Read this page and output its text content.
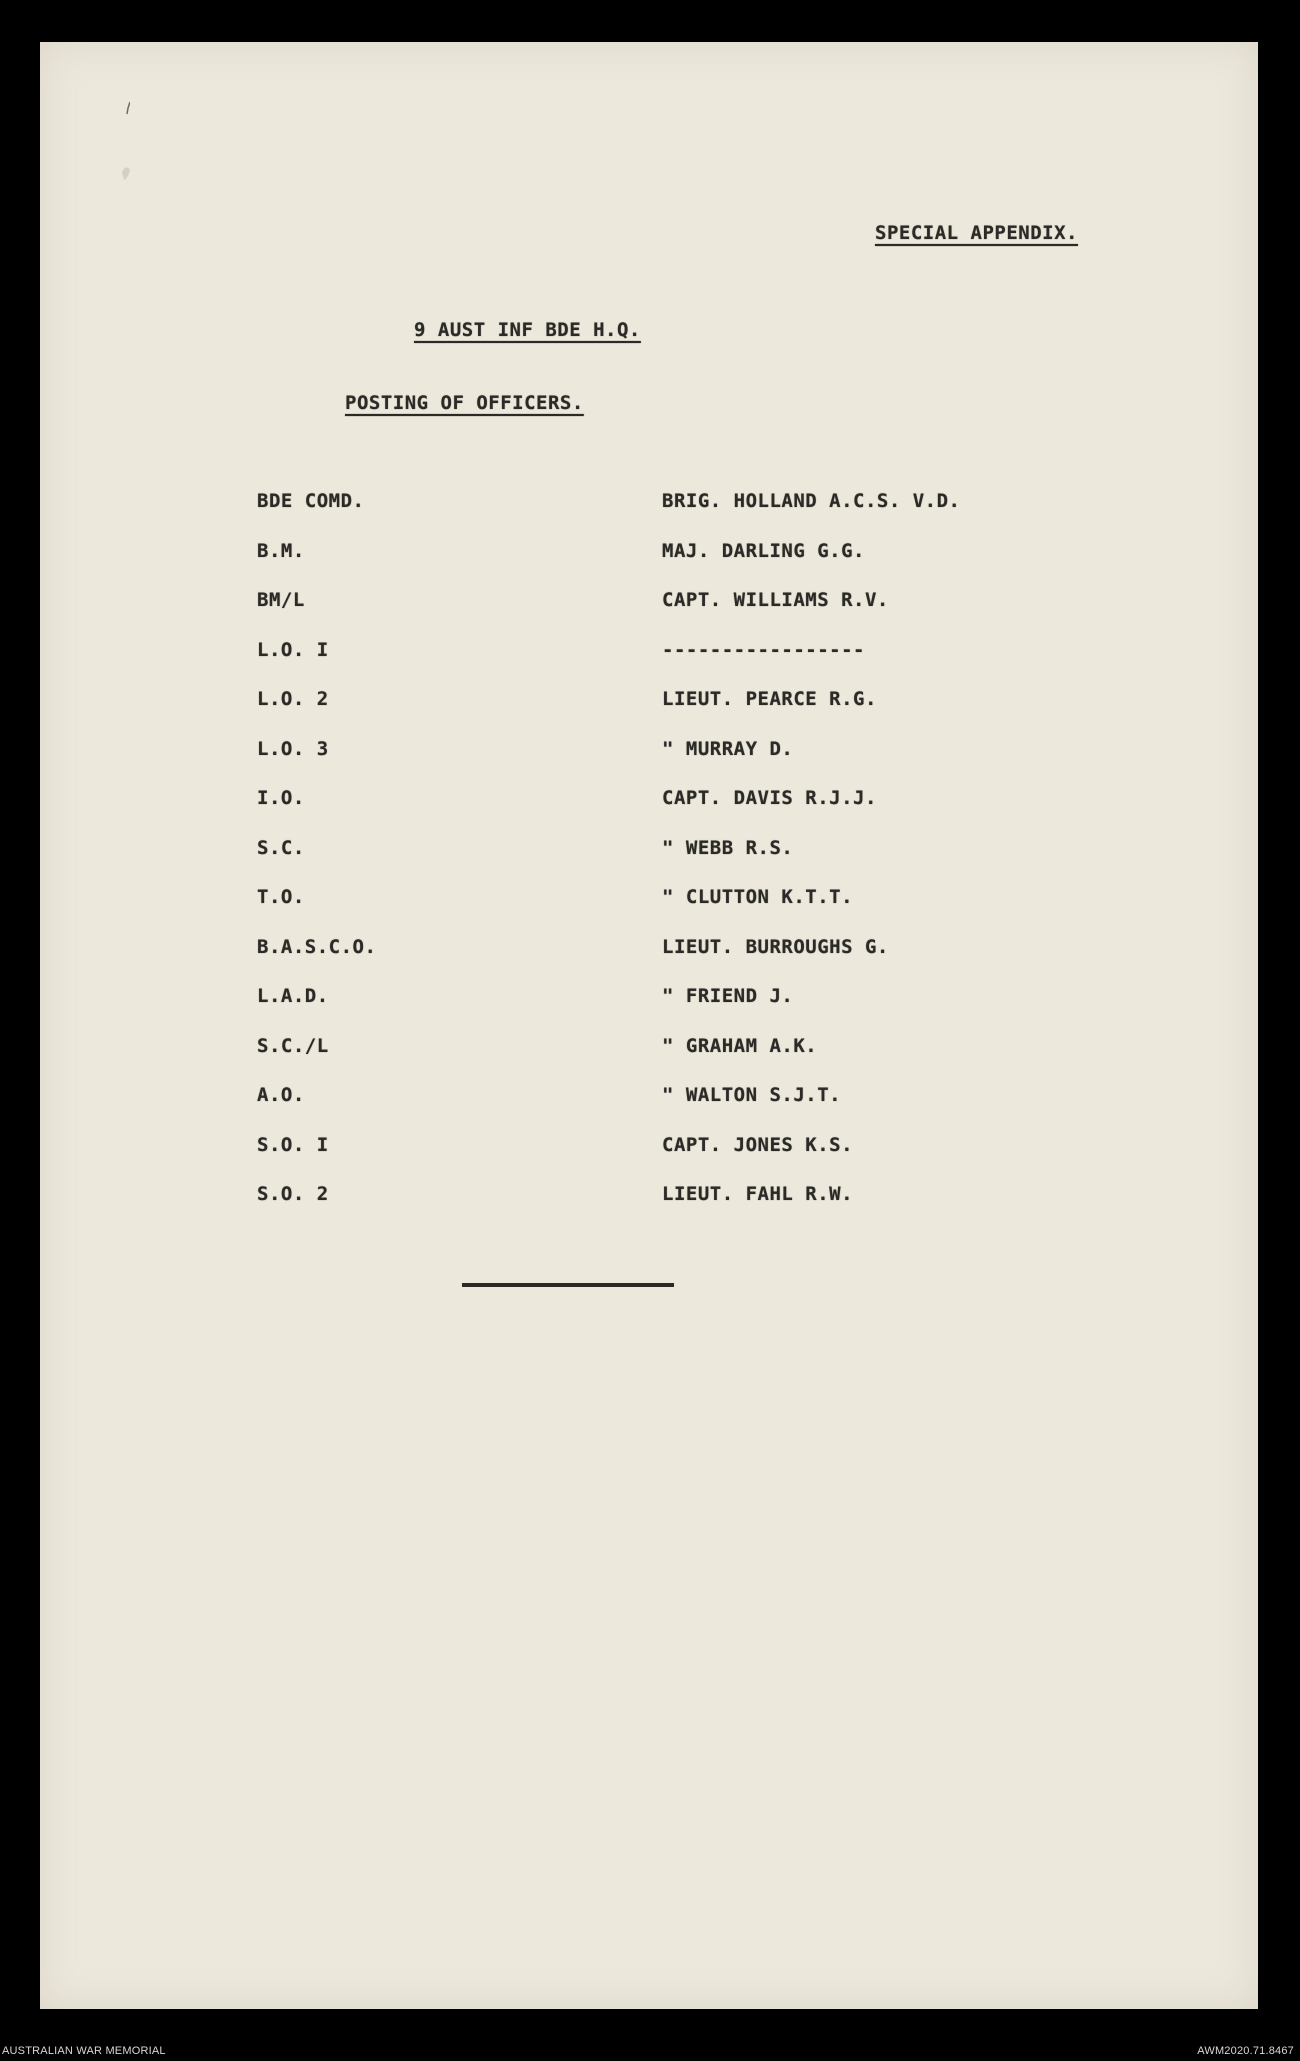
SPECIAL APPENDIX.
9 AUST INF BDE H.Q.
POSTING OF OFFICERS.
BDE COMD.	BRIG. HOLLAND A.C.S. V.D.
B.M.	MAJ. DARLING G.G.
BM/L	CAPT. WILLIAMS R.V.
L.O. I	-----------------
L.O. 2	LIEUT. PEARCE R.G.
L.O. 3	" MURRAY D.
I.O.	CAPT. DAVIS R.J.J.
S.C.	" WEBB R.S.
T.O.	" CLUTTON K.T.T.
B.A.S.C.O.	LIEUT. BURROUGHS G.
L.A.D.	" FRIEND J.
S.C./L	" GRAHAM A.K.
A.O.	" WALTON S.J.T.
S.O. I	CAPT. JONES K.S.
S.O. 2	LIEUT. FAHL R.W.
AUSTRALIAN WAR MEMORIAL	AWM2020.71.8467
